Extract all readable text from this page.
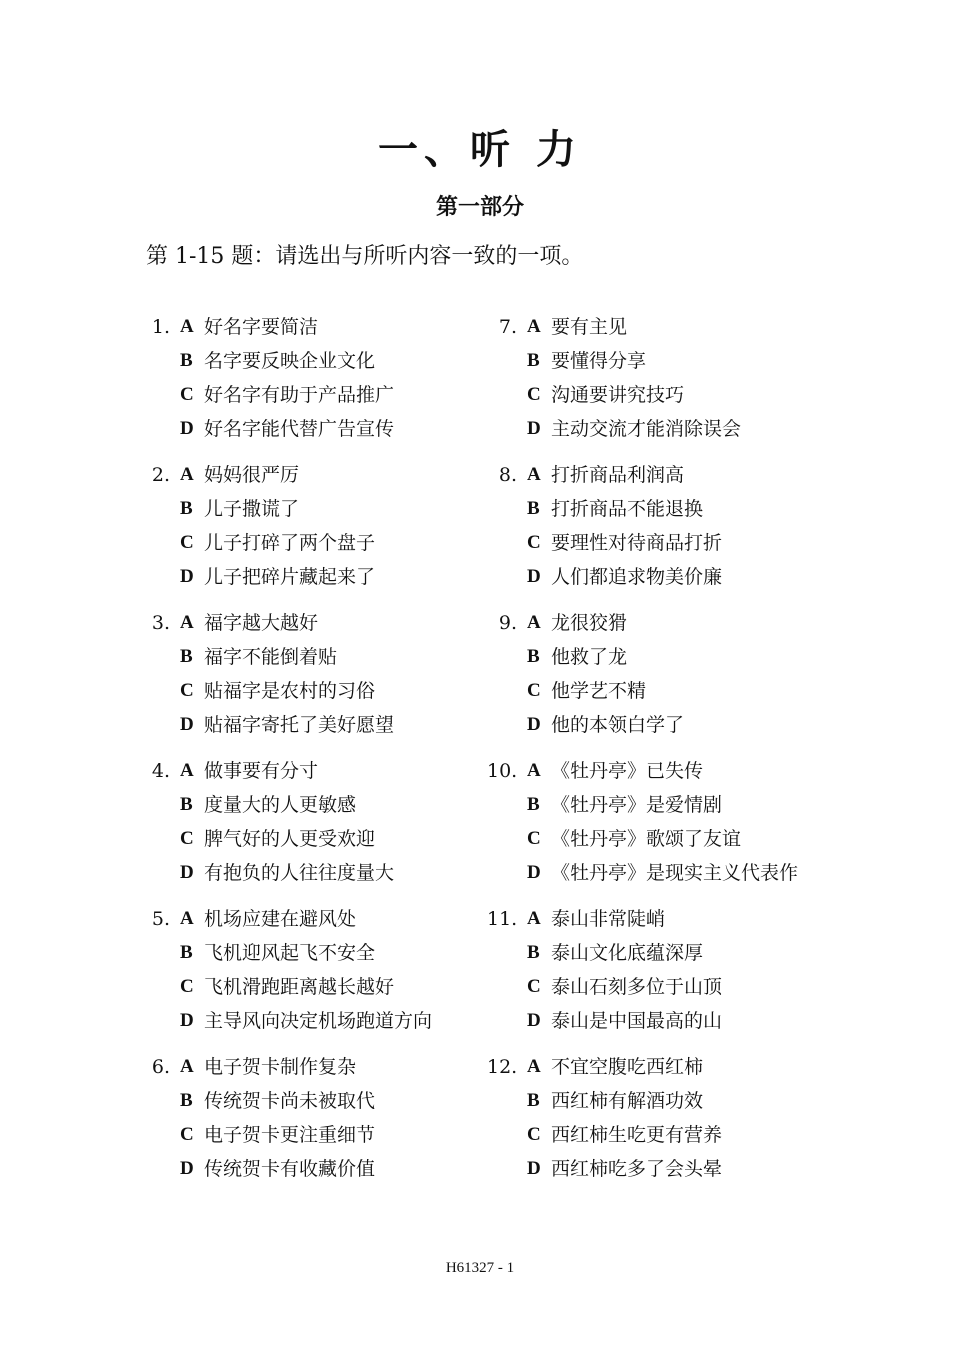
一、听 力
第一部分
第 1-15 题：请选出与所听内容一致的一项。
1. A 好名字要简洁
B 名字要反映企业文化
C 好名字有助于产品推广
D 好名字能代替广告宣传
2. A 妈妈很严厉
B 儿子撒谎了
C 儿子打碎了两个盘子
D 儿子把碎片藏起来了
3. A 福字越大越好
B 福字不能倒着贴
C 贴福字是农村的习俗
D 贴福字寄托了美好愿望
4. A 做事要有分寸
B 度量大的人更敏感
C 脾气好的人更受欢迎
D 有抱负的人往往度量大
5. A 机场应建在避风处
B 飞机迎风起飞不安全
C 飞机滑跑距离越长越好
D 主导风向决定机场跑道方向
6. A 电子贺卡制作复杂
B 传统贺卡尚未被取代
C 电子贺卡更注重细节
D 传统贺卡有收藏价值
7. A 要有主见
B 要懂得分享
C 沟通要讲究技巧
D 主动交流才能消除误会
8. A 打折商品利润高
B 打折商品不能退换
C 要理性对待商品打折
D 人们都追求物美价廉
9. A 龙很狡猾
B 他救了龙
C 他学艺不精
D 他的本领白学了
10. A 《牡丹亭》已失传
B 《牡丹亭》是爱情剧
C 《牡丹亭》歌颂了友谊
D 《牡丹亭》是现实主义代表作
11. A 泰山非常陡峭
B 泰山文化底蕴深厚
C 泰山石刻多位于山顶
D 泰山是中国最高的山
12. A 不宜空腹吃西红柿
B 西红柿有解酒功效
C 西红柿生吃更有营养
D 西红柿吃多了会头晕
H61327 - 1
